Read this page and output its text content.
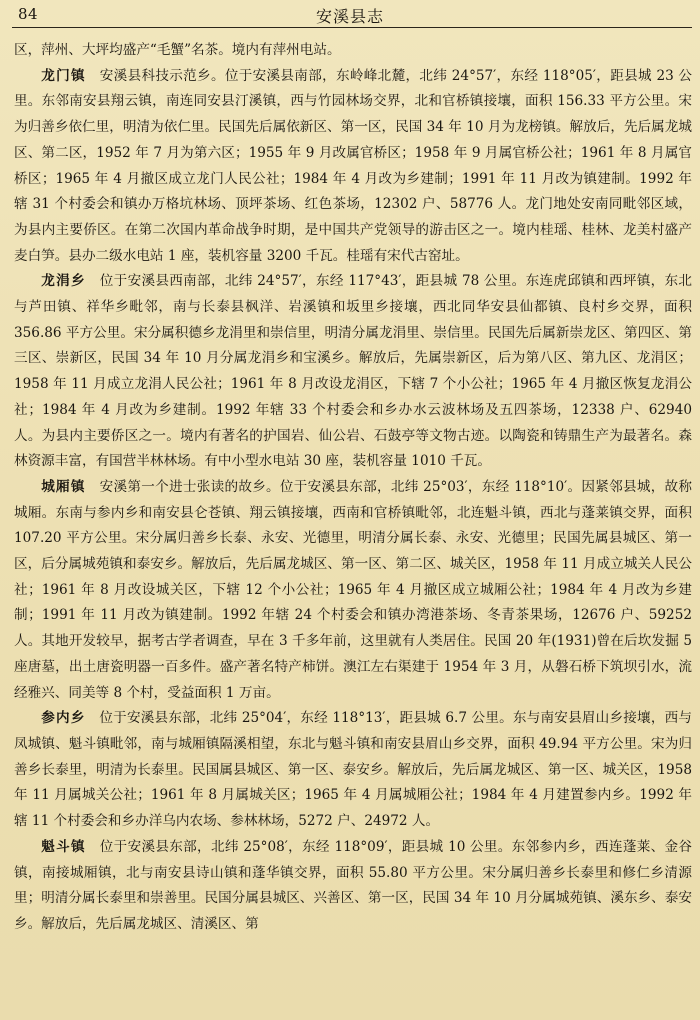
84	安溪县志

区，萍州、大坪均盛产“毛蟹”名茶。境内有萍州电站。

龙门镇　 安溪县科技示范乡。位于安溪县南部，东岭峰北麓，北纬 24°57′，东经 118°05′，距县城 23 公里。东邻南安县翔云镇，南连同安县汀溪镇，西与竹园林场交界，北和官桥镇接壤，面积 156.33 平方公里。宋为归善乡依仁里，明清为依仁里。民国先后属依新区、第一区，民国 34 年 10 月为龙榜镇。解放后，先后属龙城区、第二区，1952 年 7 月为第六区；1955 年 9 月改属官桥区；1958 年 9 月属官桥公社；1961 年 8 月属官桥区；1965 年 4 月撤区成立龙门人民公社；1984 年 4 月改为乡建制；1991 年 11 月改为镇建制。1992 年辖 31 个村委会和镇办万格坑林场、顶坪茶场、红色茶场，12302 户、58776 人。龙门地处安南同毗邻区域，为县内主要侨区。在第二次国内革命战争时期，是中国共产党领导的游击区之一。境内桂瑶、桂林、龙美村盛产麦白笋。县办二级水电站 1 座，装机容量 3200 千瓦。桂瑶有宋代古窑址。

龙涓乡　 位于安溪县西南部，北纬 24°57′，东经 117°43′，距县城 78 公里。东连虎邱镇和西坪镇，东北与芦田镇、祥华乡毗邻，南与长泰县枫洋、岩溪镇和坂里乡接壤，西北同华安县仙都镇、良村乡交界，面积 356.86 平方公里。宋分属积德乡龙涓里和崇信里，明清分属龙涓里、崇信里。民国先后属新崇龙区、第四区、第三区、崇新区，民国 34 年 10 月分属龙涓乡和宝溪乡。解放后，先属崇新区，后为第八区、第九区、龙涓区；1958 年 11 月成立龙涓人民公社；1961 年 8 月改设龙涓区，下辖 7 个小公社；1965 年 4 月撤区恢复龙涓公社；1984 年 4 月改为乡建制。1992 年辖 33 个村委会和乡办水云波林场及五四茶场，12338 户、62940 人。为县内主要侨区之一。境内有著名的护国岩、仙公岩、石鼓亭等文物古迹。以陶瓷和铸鼎生产为最著名。森林资源丰富，有国营半林林场。有中小型水电站 30 座，装机容量 1010 千瓦。

城厢镇　 安溪第一个进士张读的故乡。位于安溪县东部，北纬 25°03′，东经 118°10′。因紧邻县城，故称城厢。东南与参内乡和南安县仑苍镇、翔云镇接壤，西南和官桥镇毗邻，北连魁斗镇，西北与蓬莱镇交界，面积 107.20 平方公里。宋分属归善乡长泰、永安、光德里，明清分属长泰、永安、光德里；民国先属县城区、第一区，后分属城苑镇和泰安乡。解放后，先后属龙城区、第一区、第二区、城关区，1958 年 11 月成立城关人民公社；1961 年 8 月改设城关区，下辖 12 个小公社；1965 年 4 月撤区成立城厢公社；1984 年 4 月改为乡建制；1991 年 11 月改为镇建制。1992 年辖 24 个村委会和镇办湾港茶场、冬青茶果场，12676 户、59252 人。其地开发较早，据考古学者调查，早在 3 千多年前，这里就有人类居住。民国 20 年(1931)曾在后坎发掘 5 座唐墓，出土唐瓷明器一百多件。盛产著名特产柿饼。澳江左右渠建于 1954 年 3 月，从磐石桥下筑坝引水，流经雅兴、同美等 8 个村，受益面积 1 万亩。

参内乡　 位于安溪县东部，北纬 25°04′，东经 118°13′，距县城 6.7 公里。东与南安县眉山乡接壤，西与凤城镇、魁斗镇毗邻，南与城厢镇隔溪相望，东北与魁斗镇和南安县眉山乡交界，面积 49.94 平方公里。宋为归善乡长泰里，明清为长泰里。民国属县城区、第一区、泰安乡。解放后，先后属龙城区、第一区、城关区，1958 年 11 月属城关公社；1961 年 8 月属城关区；1965 年 4 月属城厢公社；1984 年 4 月建置参内乡。1992 年辖 11 个村委会和乡办洋乌内农场、参林林场，5272 户、24972 人。

魁斗镇　 位于安溪县东部，北纬 25°08′，东经 118°09′，距县城 10 公里。东邻参内乡，西连蓬莱、金谷镇，南接城厢镇，北与南安县诗山镇和蓬华镇交界，面积 55.80 平方公里。宋分属归善乡长泰里和修仁乡清源里；明清分属长泰里和崇善里。民国分属县城区、兴善区、第一区，民国 34 年 10 月分属城苑镇、溪东乡、泰安乡。解放后，先后属龙城区、清溪区、第
